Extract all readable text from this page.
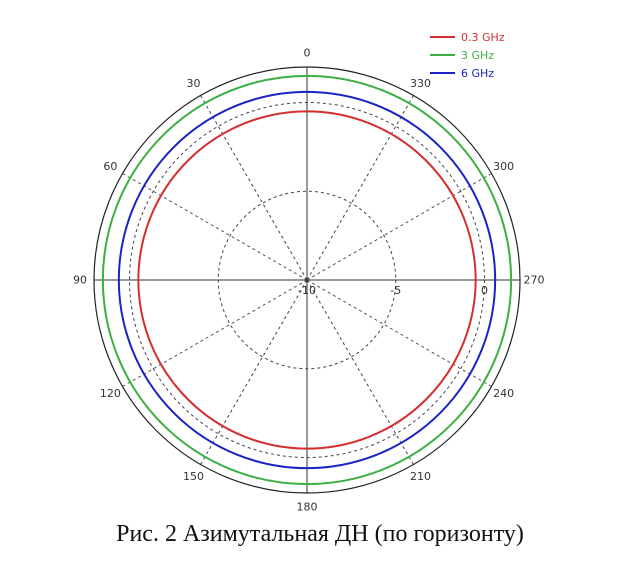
0
30
60
90
120
150
180
210
240
270
300
330
-10	-5	0
0.3 GHz
3 GHz
6 GHz
Рис. 2 Азимутальная ДН (по горизонту)
